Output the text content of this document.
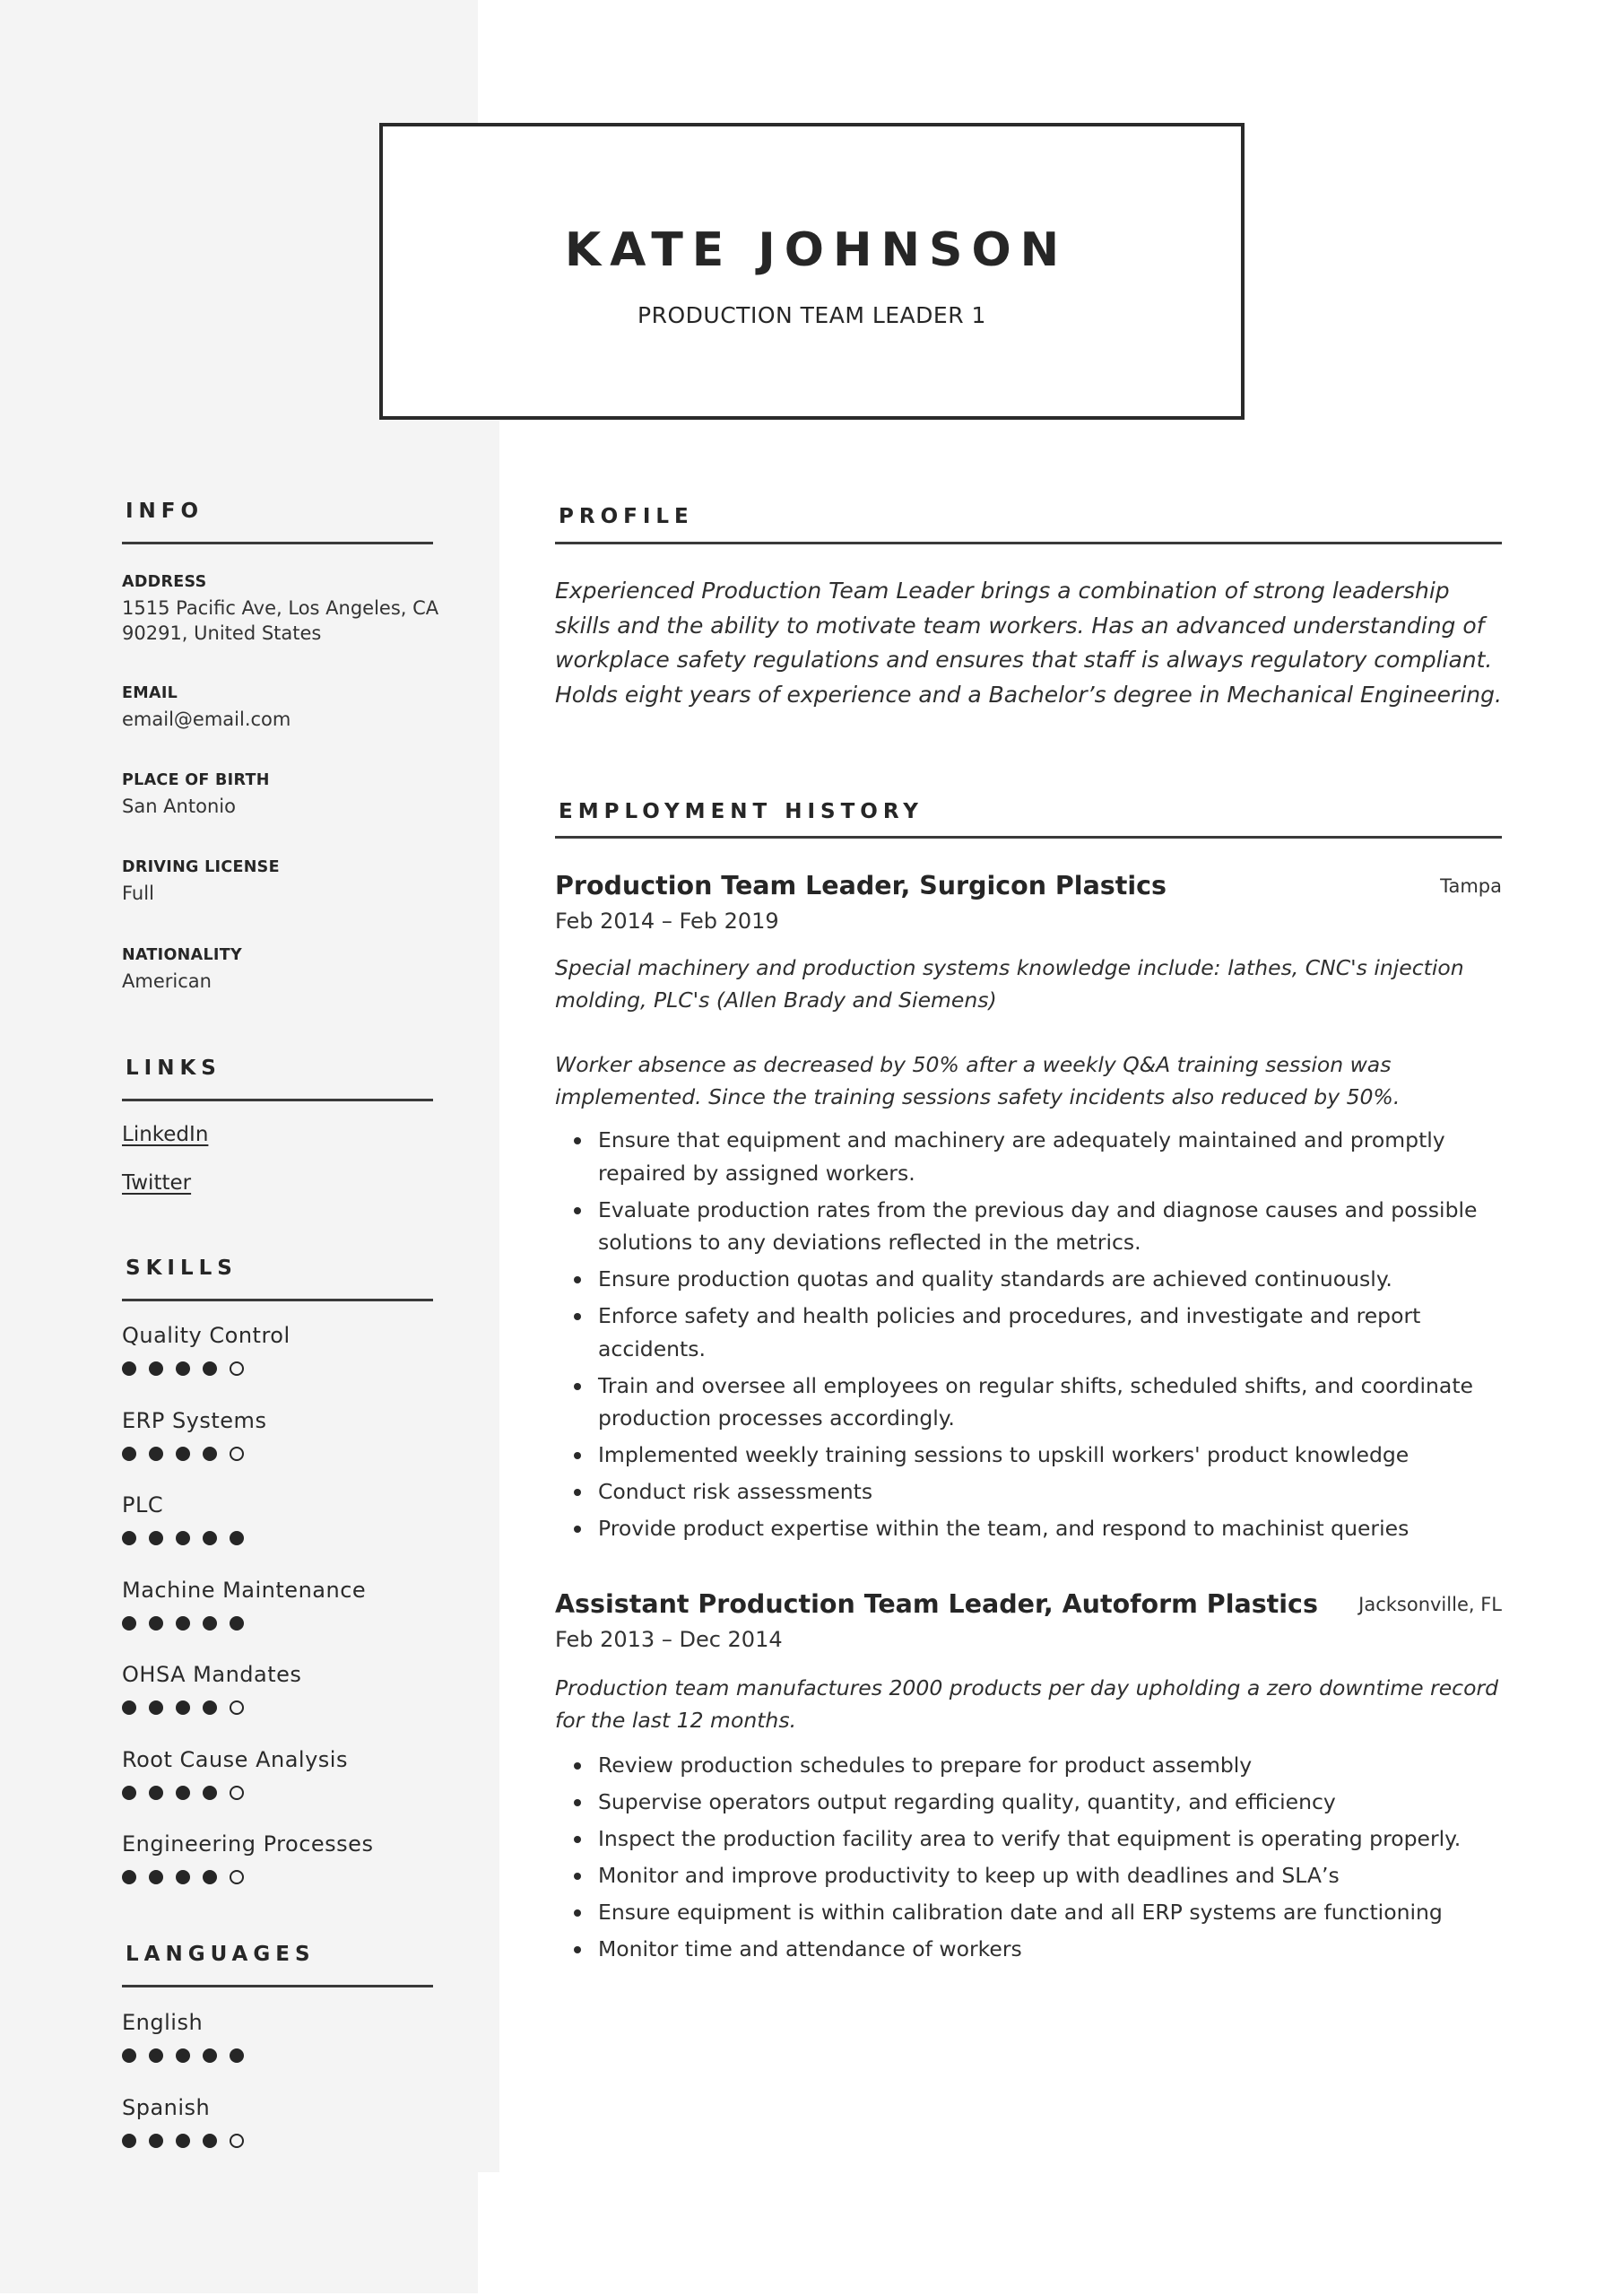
KATE JOHNSON
PRODUCTION TEAM LEADER 1
INFO
ADDRESS
1515 Pacific Ave, Los Angeles, CA 90291, United States
EMAIL
email@email.com
PLACE OF BIRTH
San Antonio
DRIVING LICENSE
Full
NATIONALITY
American
LINKS
LinkedIn
Twitter
SKILLS
Quality Control
ERP Systems
PLC
Machine Maintenance
OHSA Mandates
Root Cause Analysis
Engineering Processes
LANGUAGES
English
Spanish
PROFILE
Experienced Production Team Leader brings a combination of strong leadership skills and the ability to motivate team workers. Has an advanced understanding of workplace safety regulations and ensures that staff is always regulatory compliant. Holds eight years of experience and a Bachelor’s degree in Mechanical Engineering.
EMPLOYMENT HISTORY
Production Team Leader, Surgicon Plastics	Tampa
Feb 2014 – Feb 2019
Special machinery and production systems knowledge include: lathes, CNC's injection molding, PLC's (Allen Brady and Siemens)
Worker absence as decreased by 50% after a weekly Q&A training session was implemented. Since the training sessions safety incidents also reduced by 50%.
Ensure that equipment and machinery are adequately maintained and promptly repaired by assigned workers.
Evaluate production rates from the previous day and diagnose causes and possible solutions to any deviations reflected in the metrics.
Ensure production quotas and quality standards are achieved continuously.
Enforce safety and health policies and procedures, and investigate and report accidents.
Train and oversee all employees on regular shifts, scheduled shifts, and coordinate production processes accordingly.
Implemented weekly training sessions to upskill workers' product knowledge
Conduct risk assessments
Provide product expertise within the team, and respond to machinist queries
Assistant Production Team Leader, Autoform Plastics	Jacksonville, FL
Feb 2013 – Dec 2014
Production team manufactures 2000 products per day upholding a zero downtime record for the last 12 months.
Review production schedules to prepare for product assembly
Supervise operators output regarding quality, quantity, and efficiency
Inspect the production facility area to verify that equipment is operating properly.
Monitor and improve productivity to keep up with deadlines and SLA’s
Ensure equipment is within calibration date and all ERP systems are functioning
Monitor time and attendance of workers
